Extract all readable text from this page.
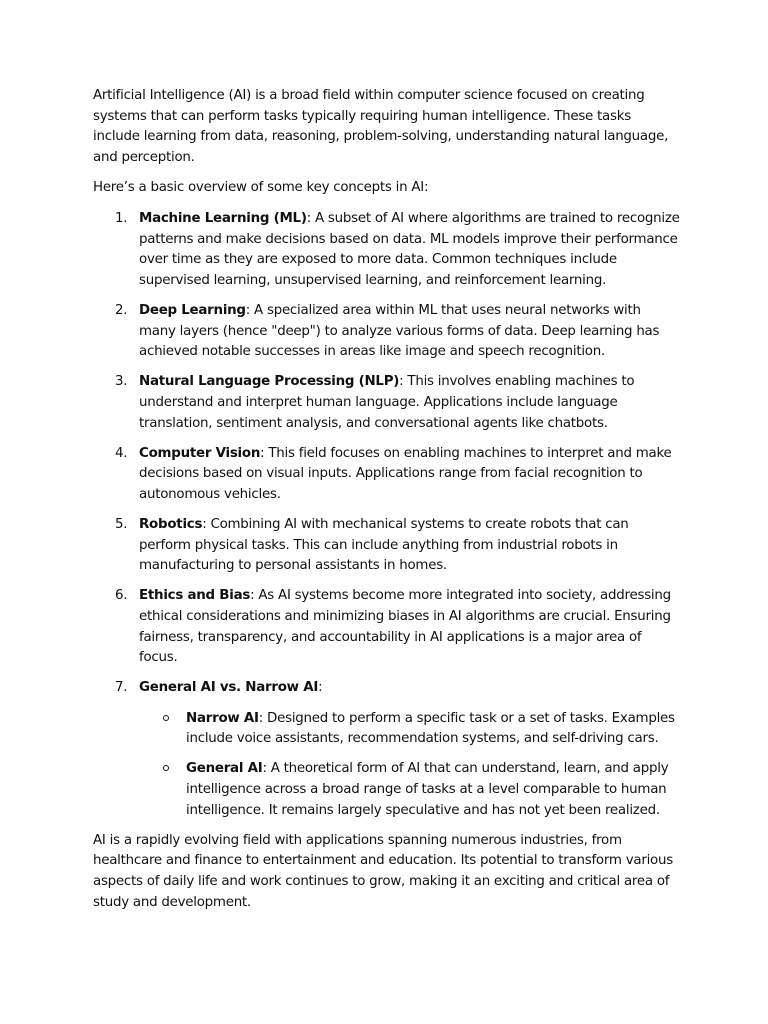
Artificial Intelligence (AI) is a broad field within computer science focused on creating systems that can perform tasks typically requiring human intelligence. These tasks include learning from data, reasoning, problem-solving, understanding natural language, and perception.

Here’s a basic overview of some key concepts in AI:

1. Machine Learning (ML): A subset of AI where algorithms are trained to recognize patterns and make decisions based on data. ML models improve their performance over time as they are exposed to more data. Common techniques include supervised learning, unsupervised learning, and reinforcement learning.
2. Deep Learning: A specialized area within ML that uses neural networks with many layers (hence "deep") to analyze various forms of data. Deep learning has achieved notable successes in areas like image and speech recognition.
3. Natural Language Processing (NLP): This involves enabling machines to understand and interpret human language. Applications include language translation, sentiment analysis, and conversational agents like chatbots.
4. Computer Vision: This field focuses on enabling machines to interpret and make decisions based on visual inputs. Applications range from facial recognition to autonomous vehicles.
5. Robotics: Combining AI with mechanical systems to create robots that can perform physical tasks. This can include anything from industrial robots in manufacturing to personal assistants in homes.
6. Ethics and Bias: As AI systems become more integrated into society, addressing ethical considerations and minimizing biases in AI algorithms are crucial. Ensuring fairness, transparency, and accountability in AI applications is a major area of focus.
7. General AI vs. Narrow AI:
Narrow AI: Designed to perform a specific task or a set of tasks. Examples include voice assistants, recommendation systems, and self-driving cars.
General AI: A theoretical form of AI that can understand, learn, and apply intelligence across a broad range of tasks at a level comparable to human intelligence. It remains largely speculative and has not yet been realized.

AI is a rapidly evolving field with applications spanning numerous industries, from healthcare and finance to entertainment and education. Its potential to transform various aspects of daily life and work continues to grow, making it an exciting and critical area of study and development.
